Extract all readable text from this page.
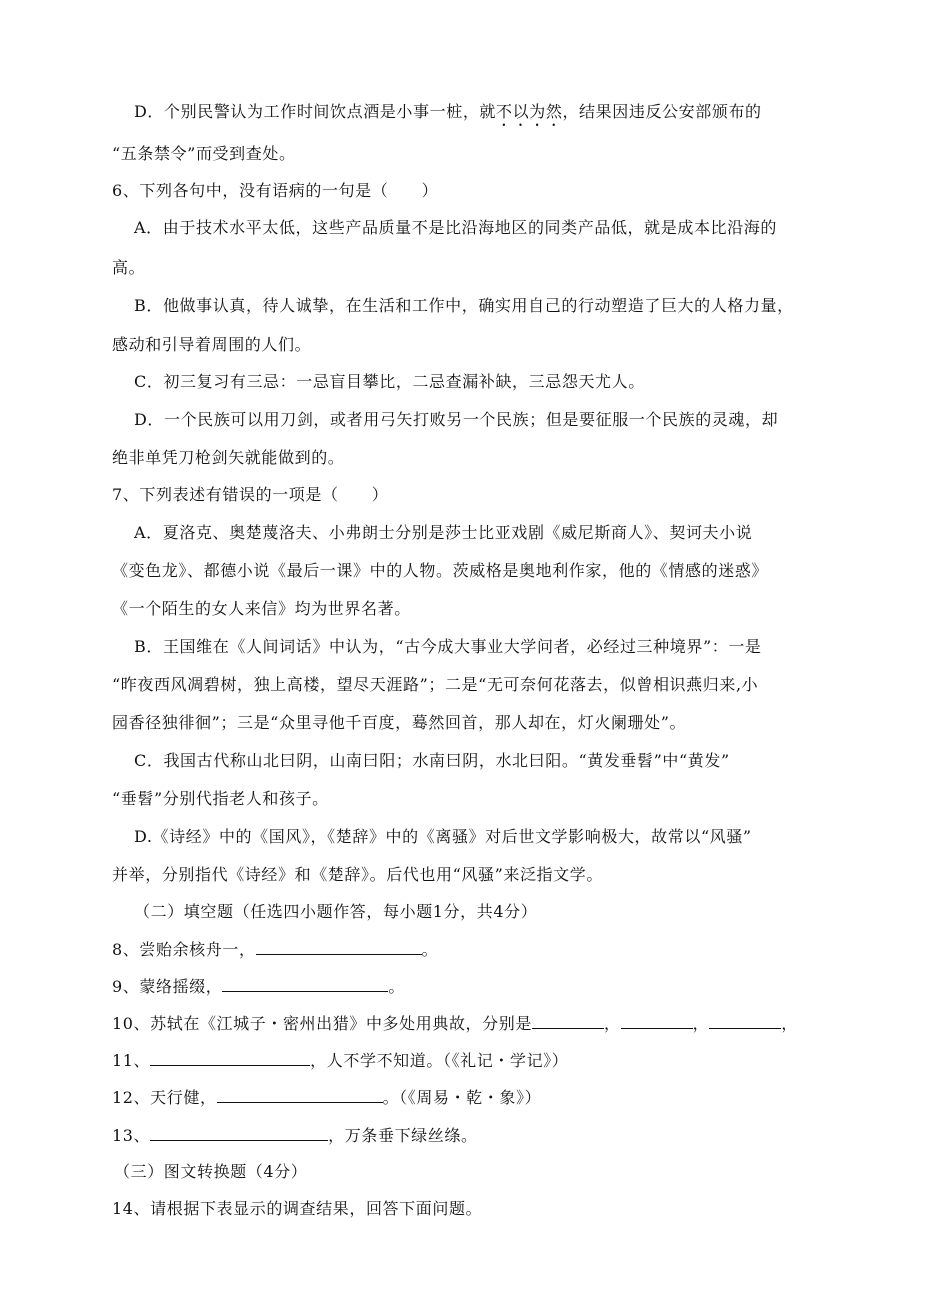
D．个别民警认为工作时间饮点酒是小事一桩，就不以为然，结果因违反公安部颁布的
“五条禁令”而受到查处。
6、下列各句中，没有语病的一句是（　　）
A．由于技术水平太低，这些产品质量不是比沿海地区的同类产品低，就是成本比沿海的
高。
B．他做事认真，待人诚挚，在生活和工作中，确实用自己的行动塑造了巨大的人格力量，
感动和引导着周围的人们。
C．初三复习有三忌：一忌盲目攀比，二忌查漏补缺，三忌怨天尤人。
D．一个民族可以用刀剑，或者用弓矢打败另一个民族；但是要征服一个民族的灵魂，却
绝非单凭刀枪剑矢就能做到的。
7、下列表述有错误的一项是（　　）
A．夏洛克、奥楚蔑洛夫、小弗朗士分别是莎士比亚戏剧《威尼斯商人》、契诃夫小说
《变色龙》、都德小说《最后一课》中的人物。茨威格是奥地利作家，他的《情感的迷惑》
《一个陌生的女人来信》均为世界名著。
B．王国维在《人间词话》中认为，“古今成大事业大学问者，必经过三种境界”：一是
“昨夜西风凋碧树，独上高楼，望尽天涯路”；二是“无可奈何花落去，似曾相识燕归来,小
园香径独徘徊”；三是“众里寻他千百度，蓦然回首，那人却在，灯火阑珊处”。
C．我国古代称山北曰阴，山南曰阳；水南曰阴，水北曰阳。“黄发垂髫”中“黄发”
“垂髫”分别代指老人和孩子。
D.《诗经》中的《国风》，《楚辞》中的《离骚》对后世文学影响极大，故常以“风骚”
并举，分别指代《诗经》和《楚辞》。后代也用“风骚”来泛指文学。
（二）填空题（任选四小题作答，每小题1分，共4分）
8、尝贻余核舟一，	。
9、蒙络摇缀，	。
10、苏轼在《江城子・密州出猎》中多处用典故，分别是	，	，	，
11、	，人不学不知道。（《礼记・学记》）
12、天行健，	。（《周易・乾・象》）
13、	，万条垂下绿丝绦。
（三）图文转换题（4分）
14、请根据下表显示的调查结果，回答下面问题。
